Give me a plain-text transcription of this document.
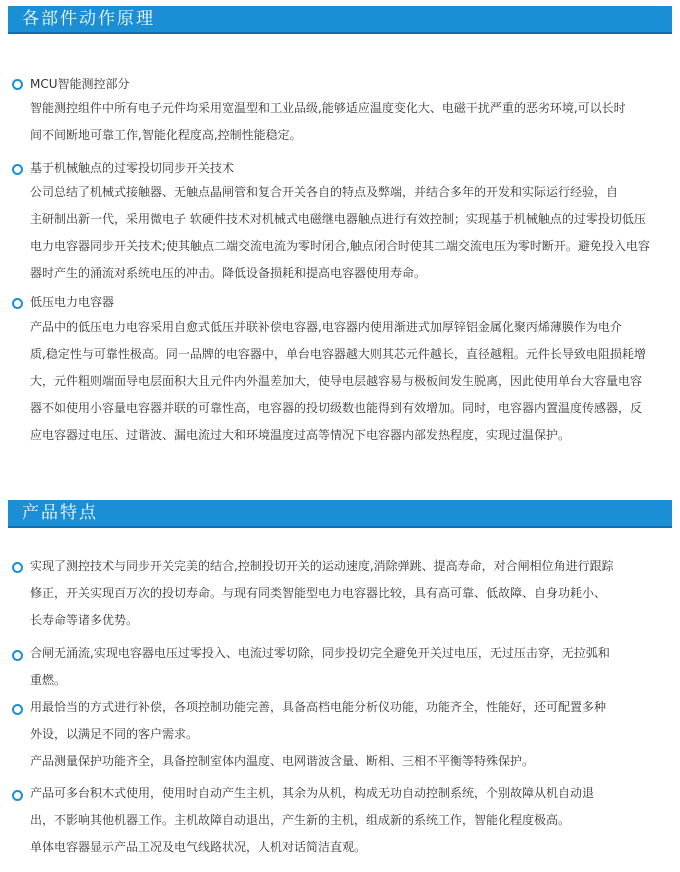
各部件动作原理
MCU智能测控部分
智能测控组件中所有电子元件均采用宽温型和工业品级,能够适应温度变化大、电磁干扰严重的恶劣环境,可以长时
间不间断地可靠工作,智能化程度高,控制性能稳定。
基于机械触点的过零投切同步开关技术
公司总结了机械式接触器、无触点晶闸管和复合开关各自的特点及弊端，并结合多年的开发和实际运行经验，自
主研制出新一代，采用微电子 软硬件技术对机械式电磁继电器触点进行有效控制；实现基于机械触点的过零投切低压
电力电容器同步开关技术;使其触点二端交流电流为零时闭合,触点闭合时使其二端交流电压为零时断开。避免投入电容
器时产生的涌流对系统电压的冲击。降低设备损耗和提高电容器使用寿命。
低压电力电容器
产品中的低压电力电容采用自愈式低压并联补偿电容器,电容器内使用渐进式加厚锌铝金属化聚丙烯薄膜作为电介
质,稳定性与可靠性极高。同一品牌的电容器中，单台电容器越大则其芯元件越长，直径越粗。元件长导致电阻损耗增
大，元件粗则端面导电层面积大且元件内外温差加大，使导电层越容易与极板间发生脱离，因此使用单台大容量电容
器不如使用小容量电容器并联的可靠性高，电容器的投切级数也能得到有效增加。同时，电容器内置温度传感器，反
应电容器过电压、过谐波、漏电流过大和环境温度过高等情况下电容器内部发热程度，实现过温保护。
产品特点
实现了测控技术与同步开关完美的结合,控制投切开关的运动速度,消除弹跳、提高寿命，对合闸相位角进行跟踪
修正，开关实现百万次的投切寿命。与现有同类智能型电力电容器比较，具有高可靠、低故障、自身功耗小、
长寿命等诸多优势。
合闸无涌流,实现电容器电压过零投入、电流过零切除，同步投切完全避免开关过电压，无过压击穿，无拉弧和
重燃。
用最恰当的方式进行补偿，各项控制功能完善，具备高档电能分析仪功能，功能齐全，性能好，还可配置多种
外设，以满足不同的客户需求。
产品测量保护功能齐全，具备控制室体内温度、电网谐波含量、断相、三相不平衡等特殊保护。
产品可多台积木式使用，使用时自动产生主机，其余为从机，构成无功自动控制系统，个别故障从机自动退
出，不影响其他机器工作。主机故障自动退出，产生新的主机，组成新的系统工作，智能化程度极高。
单体电容器显示产品工况及电气线路状况，人机对话简洁直观。
